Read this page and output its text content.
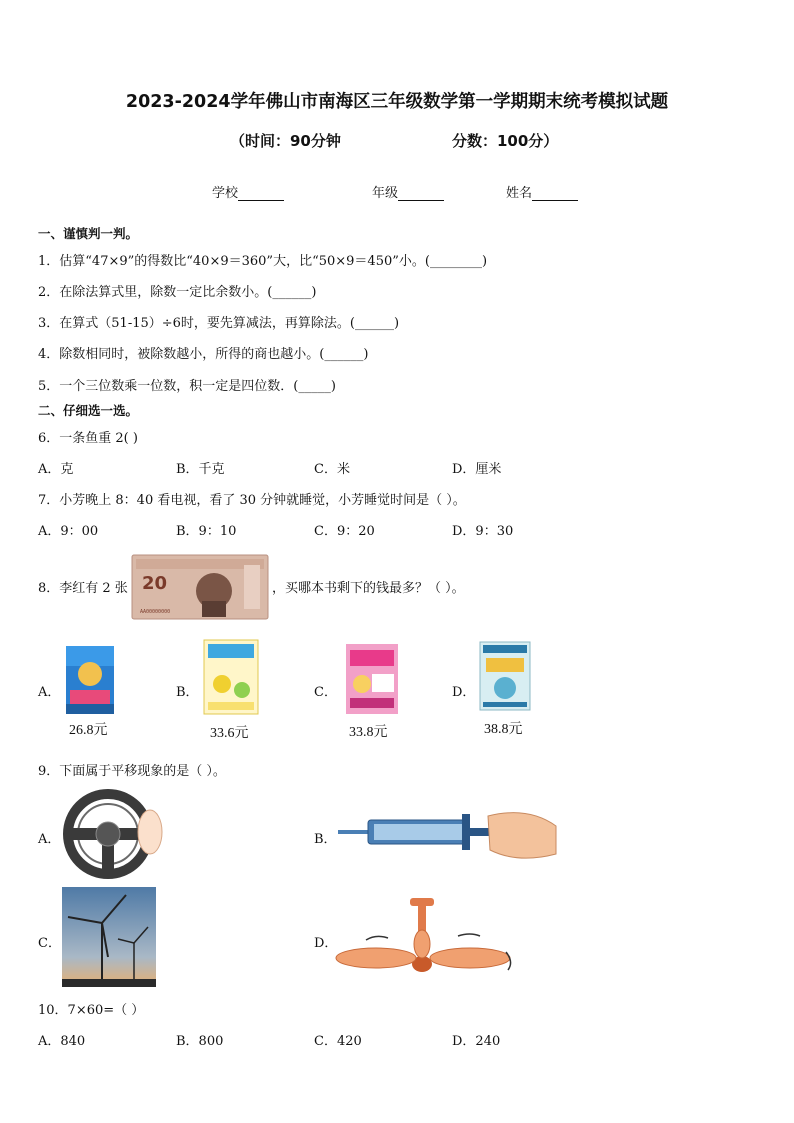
2023-2024学年佛山市南海区三年级数学第一学期期末统考模拟试题
（时间：90分钟	分数：100分）
学校	年级	姓名
一、谨慎判一判。
1．估算“47×9”的得数比“40×9＝360”大，比“50×9＝450”小。(________)
2．在除法算式里，除数一定比余数小。(______)
3．在算式（51-15）÷6时，要先算减法，再算除法。(______)
4．除数相同时，被除数越小，所得的商也越小。(______)
5．一个三位数乘一位数，积一定是四位数．(_____)
二、仔细选一选。
6．一条鱼重 2( )
A．克	B．千克	C．米	D．厘米
7．小芳晚上 8：40 看电视，看了 30 分钟就睡觉，小芳睡觉时间是（ ）。
A．9：00	B．9：10	C．9：20	D．9：30
8．李红有 2 张 20
AA00000000
，买哪本书剩下的钱最多？（ ）。
A．
26.8元
B．
33.6元
C．
33.8元
D．
38.8元
9．下面属于平移现象的是（ ）。
A．	B．
C．	D．
10．7×60=（ ）
A．840	B．800	C．420	D．240
